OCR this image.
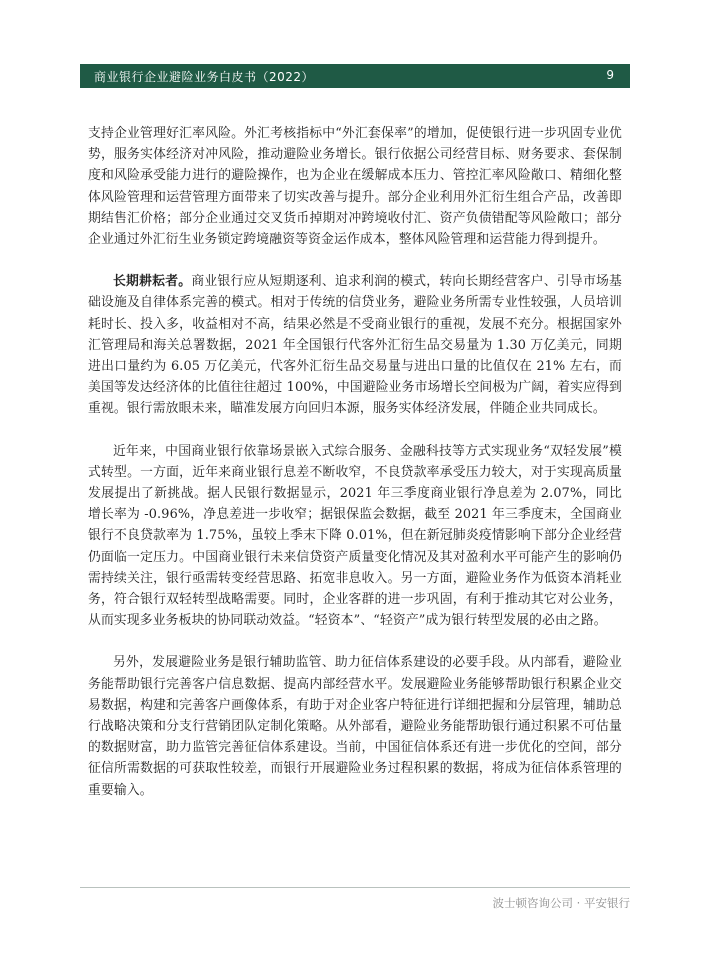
商业银行企业避险业务白皮书（2022）	9

支持企业管理好汇率风险。外汇考核指标中“外汇套保率”的增加，促使银行进一步巩固专业优势，服务实体经济对冲风险，推动避险业务增长。银行依据公司经营目标、财务要求、套保制度和风险承受能力进行的避险操作，也为企业在缓解成本压力、管控汇率风险敞口、精细化整体风险管理和运营管理方面带来了切实改善与提升。部分企业利用外汇衍生组合产品，改善即期结售汇价格；部分企业通过交叉货币掉期对冲跨境收付汇、资产负债错配等风险敞口；部分企业通过外汇衍生业务锁定跨境融资等资金运作成本，整体风险管理和运营能力得到提升。

长期耕耘者。商业银行应从短期逐利、追求利润的模式，转向长期经营客户、引导市场基础设施及自律体系完善的模式。相对于传统的信贷业务，避险业务所需专业性较强，人员培训耗时长、投入多，收益相对不高，结果必然是不受商业银行的重视，发展不充分。根据国家外汇管理局和海关总署数据，2021 年全国银行代客外汇衍生品交易量为 1.30 万亿美元，同期进出口量约为 6.05 万亿美元，代客外汇衍生品交易量与进出口量的比值仅在 21% 左右，而美国等发达经济体的比值往往超过 100%，中国避险业务市场增长空间极为广阔，着实应得到重视。银行需放眼未来，瞄准发展方向回归本源，服务实体经济发展，伴随企业共同成长。

近年来，中国商业银行依靠场景嵌入式综合服务、金融科技等方式实现业务“双轻发展”模式转型。一方面，近年来商业银行息差不断收窄，不良贷款率承受压力较大，对于实现高质量发展提出了新挑战。据人民银行数据显示，2021 年三季度商业银行净息差为 2.07%，同比增长率为 -0.96%，净息差进一步收窄；据银保监会数据，截至 2021 年三季度末，全国商业银行不良贷款率为 1.75%，虽较上季末下降 0.01%，但在新冠肺炎疫情影响下部分企业经营仍面临一定压力。中国商业银行未来信贷资产质量变化情况及其对盈利水平可能产生的影响仍需持续关注，银行亟需转变经营思路、拓宽非息收入。另一方面，避险业务作为低资本消耗业务，符合银行双轻转型战略需要。同时，企业客群的进一步巩固，有利于推动其它对公业务，从而实现多业务板块的协同联动效益。“轻资本”、“轻资产”成为银行转型发展的必由之路。

另外，发展避险业务是银行辅助监管、助力征信体系建设的必要手段。从内部看，避险业务能帮助银行完善客户信息数据、提高内部经营水平。发展避险业务能够帮助银行积累企业交易数据，构建和完善客户画像体系，有助于对企业客户特征进行详细把握和分层管理，辅助总行战略决策和分支行营销团队定制化策略。从外部看，避险业务能帮助银行通过积累不可估量的数据财富，助力监管完善征信体系建设。当前，中国征信体系还有进一步优化的空间，部分征信所需数据的可获取性较差，而银行开展避险业务过程积累的数据，将成为征信体系管理的重要输入。

波士顿咨询公司 · 平安银行
